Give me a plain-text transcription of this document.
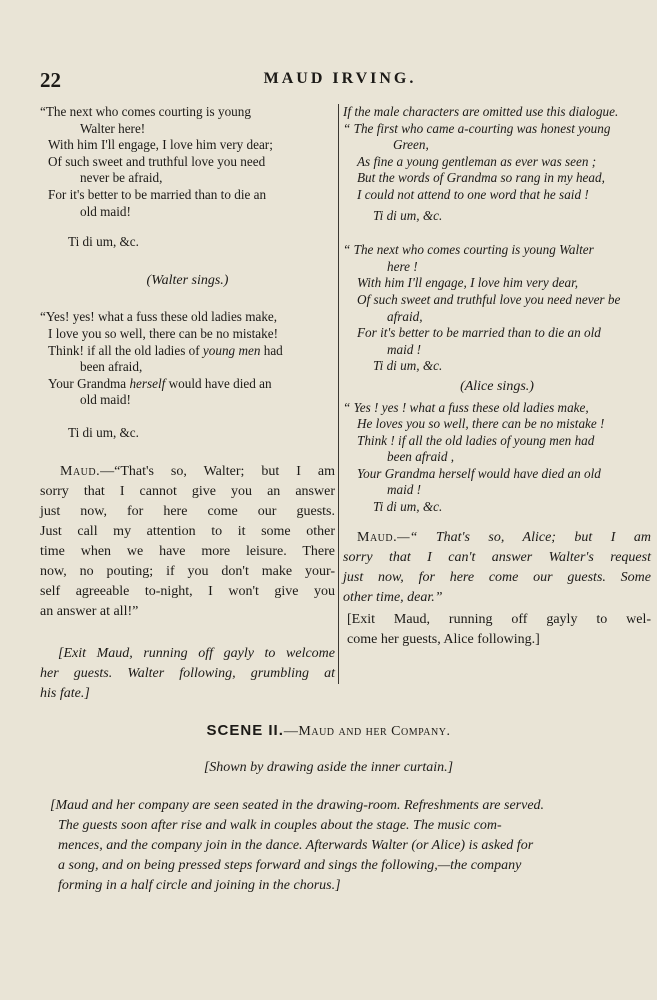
22	MAUD IRVING.
“The next who comes courting is young
Walter here!
With him I'll engage, I love him very dear;
Of such sweet and truthful love you need
never be afraid,
For it's better to be married than to die an
old maid!
Ti di um, &c.
(Walter sings.)
“Yes! yes! what a fuss these old ladies make,
I love you so well, there can be no mistake!
Think! if all the old ladies of young men had
been afraid,
Your Grandma herself would have died an
old maid!
Ti di um, &c.
Maud.—“That's so, Walter; but I am
sorry that I cannot give you an answer
just now, for here come our guests.
Just call my attention to it some other
time when we have more leisure. There
now, no pouting; if you don't make your-
self agreeable to-night, I won't give you
an answer at all!”
[Exit Maud, running off gayly to welcome
her guests. Walter following, grumbling at
his fate.]
If the male characters are omitted use this dialogue.
“ The first who came a-courting was honest young
Green,
As fine a young gentleman as ever was seen ;
But the words of Grandma so rang in my head,
I could not attend to one word that he said !
Ti di um, &c.
“ The next who comes courting is young Walter
here !
With him I'll engage, I love him very dear,
Of such sweet and truthful love you need never be
afraid,
For it's better to be married than to die an old
maid !
Ti di um, &c.
(Alice sings.)
“ Yes ! yes ! what a fuss these old ladies make,
He loves you so well, there can be no mistake !
Think ! if all the old ladies of young men had
been afraid ,
Your Grandma herself would have died an old
maid !
Ti di um, &c.
Maud.—“ That's so, Alice; but I am
sorry that I can't answer Walter's request
just now, for here come our guests. Some
other time, dear.”
[Exit Maud, running off gayly to wel-
come her guests, Alice following.]
SCENE II.—Maud and her Company.
[Shown by drawing aside the inner curtain.]
[Maud and her company are seen seated in the drawing-room. Refreshments are served.
The guests soon after rise and walk in couples about the stage. The music com-
mences, and the company join in the dance. Afterwards Walter (or Alice) is asked for
a song, and on being pressed steps forward and sings the following,—the company
forming in a half circle and joining in the chorus.]
